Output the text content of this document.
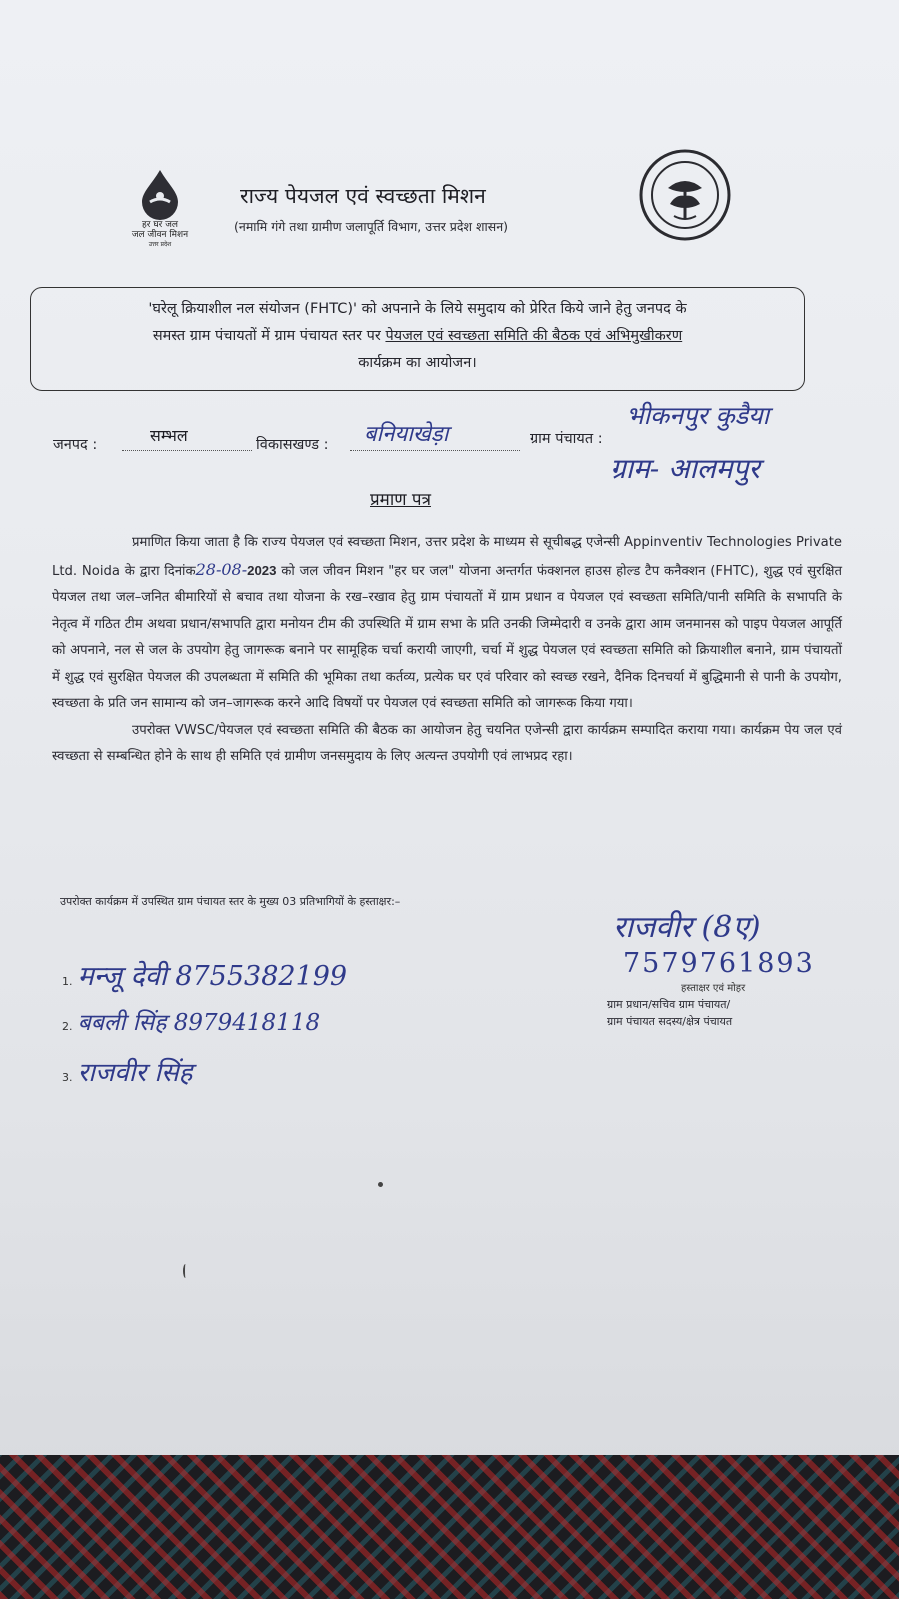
हर घर जल
जल जीवन मिशन
उत्तर प्रदेश
राज्य पेयजल एवं स्वच्छता मिशन
(नमामि गंगे तथा ग्रामीण जलापूर्ति विभाग, उत्तर प्रदेश शासन)
'घरेलू क्रियाशील नल संयोजन (FHTC)' को अपनाने के लिये समुदाय को प्रेरित किये जाने हेतु जनपद के
समस्त ग्राम पंचायतों में ग्राम पंचायत स्तर पर पेयजल एवं स्वच्छता समिति की बैठक एवं अभिमुखीकरण
कार्यक्रम का आयोजन।
जनपद :	सम्भल	विकासखण्ड : बनियाखेड़ा	ग्राम पंचायत :
भीकनपुर कुडैया
ग्राम- आलमपुर
प्रमाण पत्र

प्रमाणित किया जाता है कि राज्य पेयजल एवं स्वच्छता मिशन, उत्तर प्रदेश के माध्यम से सूचीबद्ध एजेन्सी Appinventiv Technologies Private Ltd. Noida के द्वारा दिनांक28-08-2023 को जल जीवन मिशन "हर घर जल" योजना अन्तर्गत फंक्शनल हाउस होल्ड टैप कनैक्शन (FHTC), शुद्ध एवं सुरक्षित पेयजल तथा जल–जनित बीमारियों से बचाव तथा योजना के रख–रखाव हेतु ग्राम पंचायतों में ग्राम प्रधान व पेयजल एवं स्वच्छता समिति/पानी समिति के सभापति के नेतृत्व में गठित टीम अथवा प्रधान/सभापति द्वारा मनोयन टीम की उपस्थिति में ग्राम सभा के प्रति उनकी जिम्मेदारी व उनके द्वारा आम जनमानस को पाइप पेयजल आपूर्ति को अपनाने, नल से जल के उपयोग हेतु जागरूक बनाने पर सामूहिक चर्चा करायी जाएगी, चर्चा में शुद्ध पेयजल एवं स्वच्छता समिति को क्रियाशील बनाने, ग्राम पंचायतों में शुद्ध एवं सुरक्षित पेयजल की उपलब्धता में समिति की भूमिका तथा कर्तव्य, प्रत्येक घर एवं परिवार को स्वच्छ रखने, दैनिक दिनचर्या में बुद्धिमानी से पानी के उपयोग, स्वच्छता के प्रति जन सामान्य को जन–जागरूक करने आदि विषयों पर पेयजल एवं स्वच्छता समिति को जागरूक किया गया।

उपरोक्त VWSC/पेयजल एवं स्वच्छता समिति की बैठक का आयोजन हेतु चयनित एजेन्सी द्वारा कार्यक्रम सम्पादित कराया गया। कार्यक्रम पेय जल एवं स्वच्छता से सम्बन्धित होने के साथ ही समिति एवं ग्रामीण जनसमुदाय के लिए अत्यन्त उपयोगी एवं लाभप्रद रहा।

उपरोक्त कार्यक्रम में उपस्थित ग्राम पंचायत स्तर के मुख्य 03 प्रतिभागियों के हस्ताक्षर:–
1. मन्जू देवी 8755382199
2. बबली सिंह 8979418118
3. राजवीर सिंह
राजवीर (8ए)
7579761893
हस्ताक्षर एवं मोहर
ग्राम प्रधान/सचिव ग्राम पंचायत/
ग्राम पंचायत सदस्य/क्षेत्र पंचायत
